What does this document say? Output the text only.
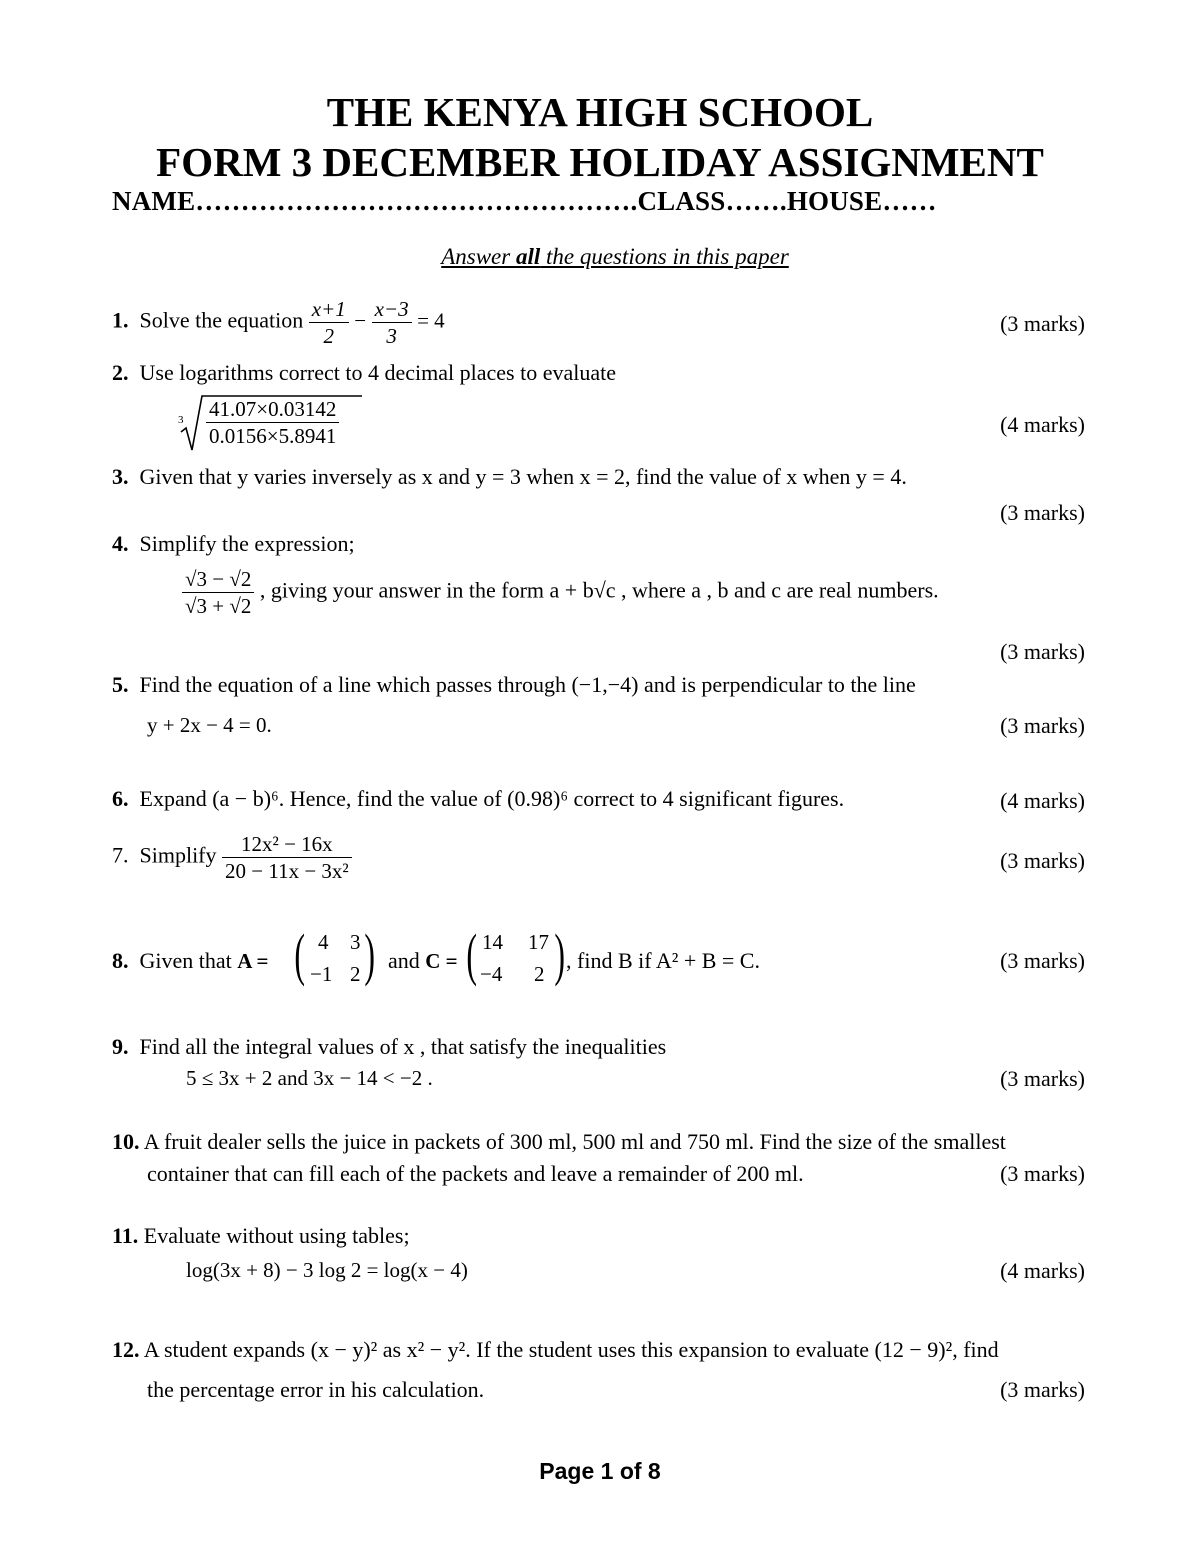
THE KENYA HIGH SCHOOL
FORM 3 DECEMBER HOLIDAY ASSIGNMENT
NAME………………………………………….CLASS…….HOUSE……
Answer all the questions in this paper
1. Solve the equation $\frac{x+1}{2} - \frac{x-3}{3} = 4$	(3 marks)
2. Use logarithms correct to 4 decimal places to evaluate
$3 \frac{41.07\times 0.03142}{0.0156\times 5.8941}$	(4 marks)
3. Given that y varies inversely as x and y = 3 when x = 2, find the value of x when y = 4.
(3 marks)
4. Simplify the expression;
$\frac{√3 - √2}{√3 + √2}$ , giving your answer in the form a + b√c , where a , b and c are real numbers.
(3 marks)
5. Find the equation of a line which passes through (−1,−4) and is perpendicular to the line
y + 2x − 4 = 0.	(3 marks)
6. Expand (a − b)⁶. Hence, find the value of (0.98)⁶ correct to 4 significant figures.	(4 marks)
7. Simplify $\frac{\text{12x² − 16x}}{\text{20 − 11x − 3x²}}$	(3 marks)
8. Given that A = ( )
4 3
−1 2
and C = ( )
14 17
−4 2
, find B if A² + B = C.	(3 marks)
9. Find all the integral values of x , that satisfy the inequalities
5 ≤ 3x + 2 and 3x − 14 < −2 .	(3 marks)
10. A fruit dealer sells the juice in packets of 300 ml, 500 ml and 750 ml. Find the size of the smallest
container that can fill each of the packets and leave a remainder of 200 ml.	(3 marks)
11. Evaluate without using tables;
log(3x + 8) − 3 log 2 = log(x − 4)	(4 marks)
12. A student expands (x − y)² as x² − y². If the student uses this expansion to evaluate (12 − 9)², find
the percentage error in his calculation.	(3 marks)
Page 1 of 8
